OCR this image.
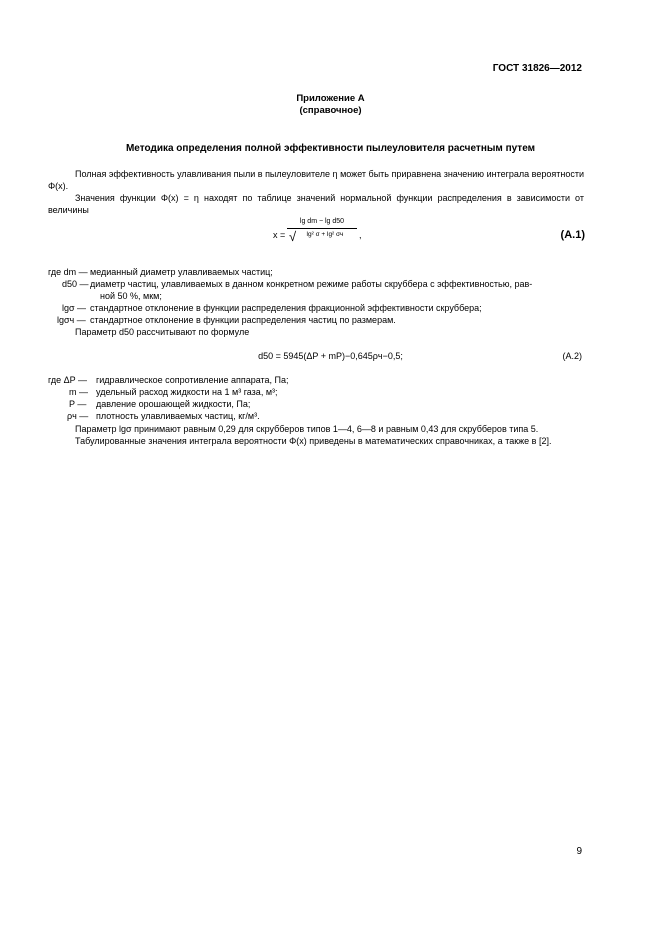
ГОСТ 31826—2012
Приложение А
(справочное)
Методика определения полной эффективности пылеуловителя расчетным путем

Полная эффективность улавливания пыли в пылеуловителе η может быть приравнена значению интеграла вероятности Φ(x).

Значения функции Φ(x) = η находят по таблице значений нормальной функции распределения в зависимости от величины

x =
lg dm − lg d50
lg² σ + lg² σч
√	,	(A.1)
где dm — медианный диаметр улавливаемых частиц;
d50 — диаметр частиц, улавливаемых в данном конкретном режиме работы скруббера с эффективностью, рав-
ной 50 %, мкм;
lgσ — стандартное отклонение в функции распределения фракционной эффективности скруббера;
lgσч — стандартное отклонение в функции распределения частиц по размерам.
Параметр d50 рассчитывают по формуле
d50 = 5945(ΔP + mP)−0,645ρч−0,5;	(A.2)
где ΔP — гидравлическое сопротивление аппарата, Па;
m — удельный расход жидкости на 1 м³ газа, м³;
P — давление орошающей жидкости, Па;
ρч — плотность улавливаемых частиц, кг/м³.

Параметр lgσ принимают равным 0,29 для скрубберов типов 1—4, 6—8 и равным 0,43 для скрубберов типа 5.

Табулированные значения интеграла вероятности Φ(x) приведены в математических справочниках, а также в [2].

9
